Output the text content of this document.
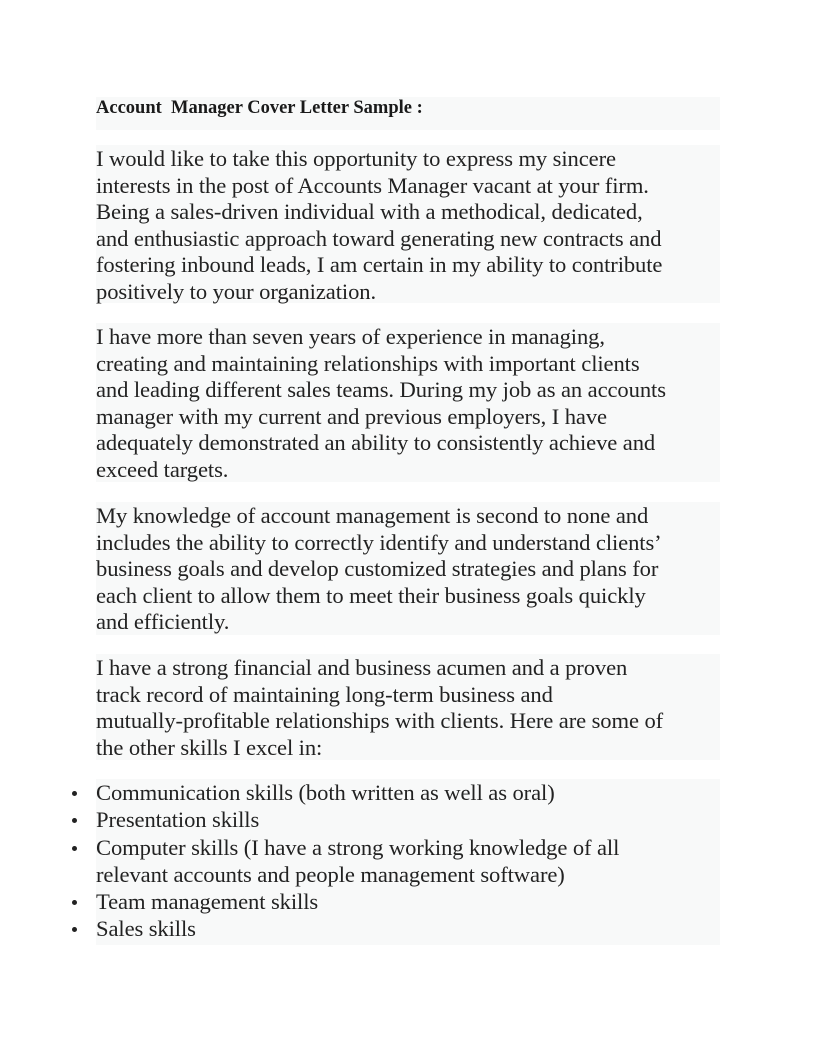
Account  Manager Cover Letter Sample :
I would like to take this opportunity to express my sincere
interests in the post of Accounts Manager vacant at your firm.
Being a sales-driven individual with a methodical, dedicated,
and enthusiastic approach toward generating new contracts and
fostering inbound leads, I am certain in my ability to contribute
positively to your organization.
I have more than seven years of experience in managing,
creating and maintaining relationships with important clients
and leading different sales teams. During my job as an accounts
manager with my current and previous employers, I have
adequately demonstrated an ability to consistently achieve and
exceed targets.
My knowledge of account management is second to none and
includes the ability to correctly identify and understand clients’
business goals and develop customized strategies and plans for
each client to allow them to meet their business goals quickly
and efficiently.
I have a strong financial and business acumen and a proven
track record of maintaining long-term business and
mutually-profitable relationships with clients. Here are some of
the other skills I excel in:
Communication skills (both written as well as oral)
Presentation skills
Computer skills (I have a strong working knowledge of all
relevant accounts and people management software)
Team management skills
Sales skills
